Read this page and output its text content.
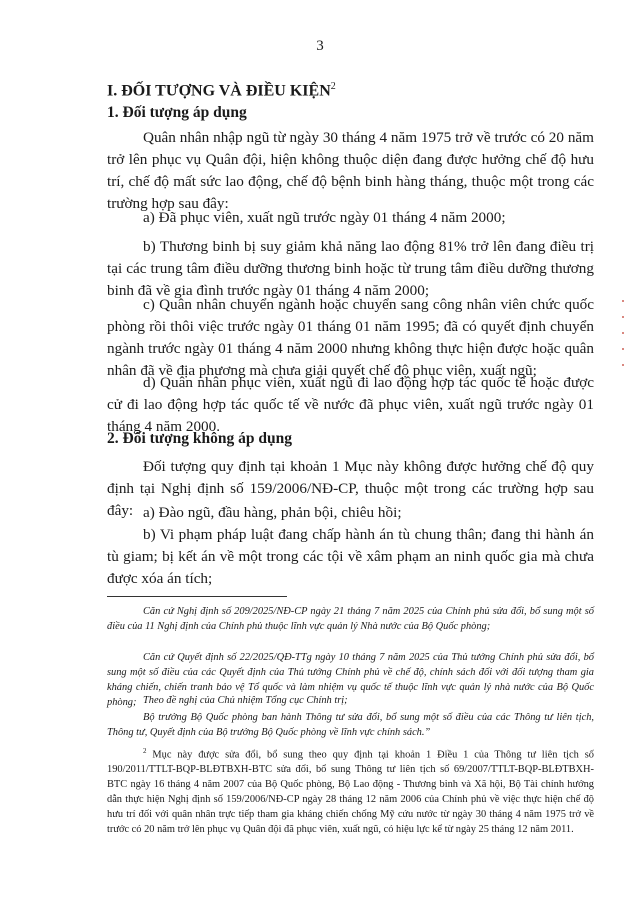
3
I. ĐỐI TƯỢNG VÀ ĐIỀU KIỆN$^2$
1. Đối tượng áp dụng
Quân nhân nhập ngũ từ ngày 30 tháng 4 năm 1975 trở về trước có 20 năm trở lên phục vụ Quân đội, hiện không thuộc diện đang được hưởng chế độ hưu trí, chế độ mất sức lao động, chế độ bệnh binh hàng tháng, thuộc một trong các trường hợp sau đây:
a) Đã phục viên, xuất ngũ trước ngày 01 tháng 4 năm 2000;
b) Thương binh bị suy giảm khả năng lao động 81% trở lên đang điều trị tại các trung tâm điều dưỡng thương binh hoặc từ trung tâm điều dưỡng thương binh đã về gia đình trước ngày 01 tháng 4 năm 2000;
c) Quân nhân chuyển ngành hoặc chuyển sang công nhân viên chức quốc phòng rồi thôi việc trước ngày 01 tháng 01 năm 1995; đã có quyết định chuyển ngành trước ngày 01 tháng 4 năm 2000 nhưng không thực hiện được hoặc quân nhân đã về địa phương mà chưa giải quyết chế độ phục viên, xuất ngũ;
d) Quân nhân phục viên, xuất ngũ đi lao động hợp tác quốc tế hoặc được cử đi lao động hợp tác quốc tế về nước đã phục viên, xuất ngũ trước ngày 01 tháng 4 năm 2000.
2. Đối tượng không áp dụng
Đối tượng quy định tại khoản 1 Mục này không được hưởng chế độ quy định tại Nghị định số 159/2006/NĐ-CP, thuộc một trong các trường hợp sau đây: a) Đào ngũ, đầu hàng, phản bội, chiêu hồi;
b) Vi phạm pháp luật đang chấp hành án tù chung thân; đang thi hành án tù giam; bị kết án về một trong các tội về xâm phạm an ninh quốc gia mà chưa được xóa án tích;
Căn cứ Nghị định số 209/2025/NĐ-CP ngày 21 tháng 7 năm 2025 của Chính phủ sửa đổi, bổ sung một số điều của 11 Nghị định của Chính phủ thuộc lĩnh vực quản lý Nhà nước của Bộ Quốc phòng;
Căn cứ Quyết định số 22/2025/QĐ-TTg ngày 10 tháng 7 năm 2025 của Thủ tướng Chính phủ sửa đổi, bổ sung một số điều của các Quyết định của Thủ tướng Chính phủ về chế độ, chính sách đối với đối tượng tham gia kháng chiến, chiến tranh bảo vệ Tổ quốc và làm nhiệm vụ quốc tế thuộc lĩnh vực quản lý nhà nước của Bộ Quốc phòng; Theo đề nghị của Chủ nhiệm Tổng cục Chính trị;
Bộ trưởng Bộ Quốc phòng ban hành Thông tư sửa đổi, bổ sung một số điều của các Thông tư liên tịch, Thông tư, Quyết định của Bộ trưởng Bộ Quốc phòng về lĩnh vực chính sách.”
$^2$ Mục này được sửa đổi, bổ sung theo quy định tại khoản 1 Điều 1 của Thông tư liên tịch số 190/2011/TTLT-BQP-BLĐTBXH-BTC sửa đổi, bổ sung Thông tư liên tịch số 69/2007/TTLT-BQP-BLĐTBXH-BTC ngày 16 tháng 4 năm 2007 của Bộ Quốc phòng, Bộ Lao động - Thương binh và Xã hội, Bộ Tài chính hướng dẫn thực hiện Nghị định số 159/2006/NĐ-CP ngày 28 tháng 12 năm 2006 của Chính phủ về việc thực hiện chế độ hưu trí đối với quân nhân trực tiếp tham gia kháng chiến chống Mỹ cứu nước từ ngày 30 tháng 4 năm 1975 trở về trước có 20 năm trở lên phục vụ Quân đội đã phục viên, xuất ngũ, có hiệu lực kể từ ngày 25 tháng 12 năm 2011.
